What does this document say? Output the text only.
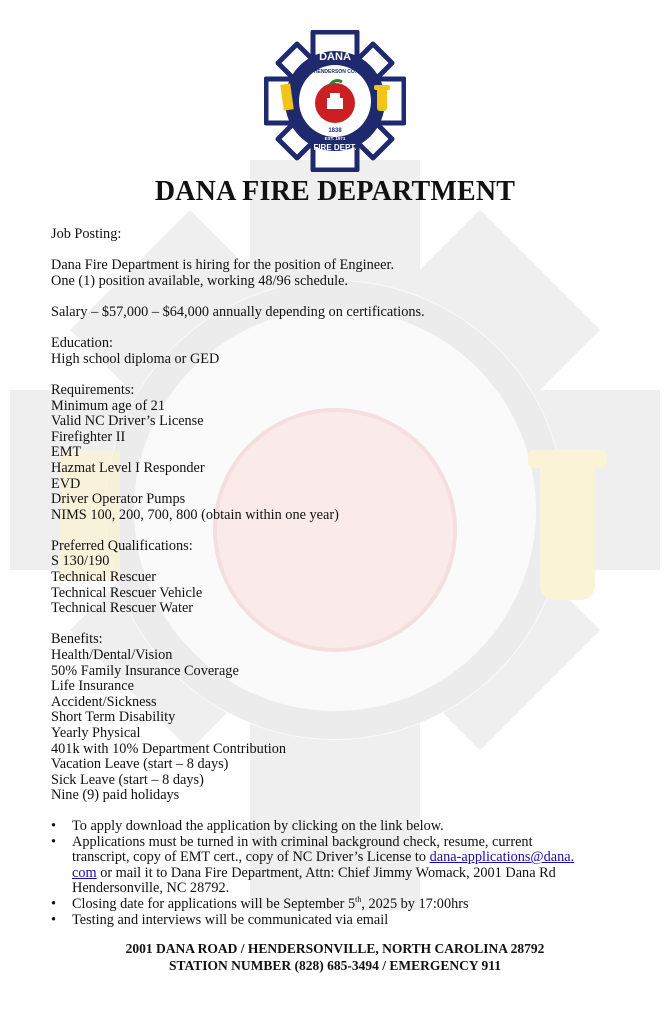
DANA
HENDERSON CO.
1838
EST. 1971
FIRE DEPT.
DANA FIRE DEPARTMENT

Job Posting:

Dana Fire Department is hiring for the position of Engineer.

One (1) position available, working 48/96 schedule.

Salary – $57,000 – $64,000 annually depending on certifications.

Education:

High school diploma or GED

Requirements:

Minimum age of 21

Valid NC Driver’s License

Firefighter II

EMT

Hazmat Level I Responder

EVD

Driver Operator Pumps

NIMS 100, 200, 700, 800 (obtain within one year)

Preferred Qualifications:

S 130/190

Technical Rescuer

Technical Rescuer Vehicle

Technical Rescuer Water

Benefits:

Health/Dental/Vision

50% Family Insurance Coverage

Life Insurance

Accident/Sickness

Short Term Disability

Yearly Physical

401k with 10% Department Contribution

Vacation Leave (start – 8 days)

Sick Leave (start – 8 days)

Nine (9) paid holidays

• To apply download the application by clicking on the link below.
• Applications must be turned in with criminal background check, resume, current
transcript, copy of EMT cert., copy of NC Driver’s License to dana-applications@dana.
com or mail it to Dana Fire Department, Attn: Chief Jimmy Womack, 2001 Dana Rd
Hendersonville, NC 28792.
• Closing date for applications will be September 5th, 2025 by 17:00hrs
• Testing and interviews will be communicated via email
2001 DANA ROAD / HENDERSONVILLE, NORTH CAROLINA 28792
STATION NUMBER (828) 685-3494 / EMERGENCY 911
